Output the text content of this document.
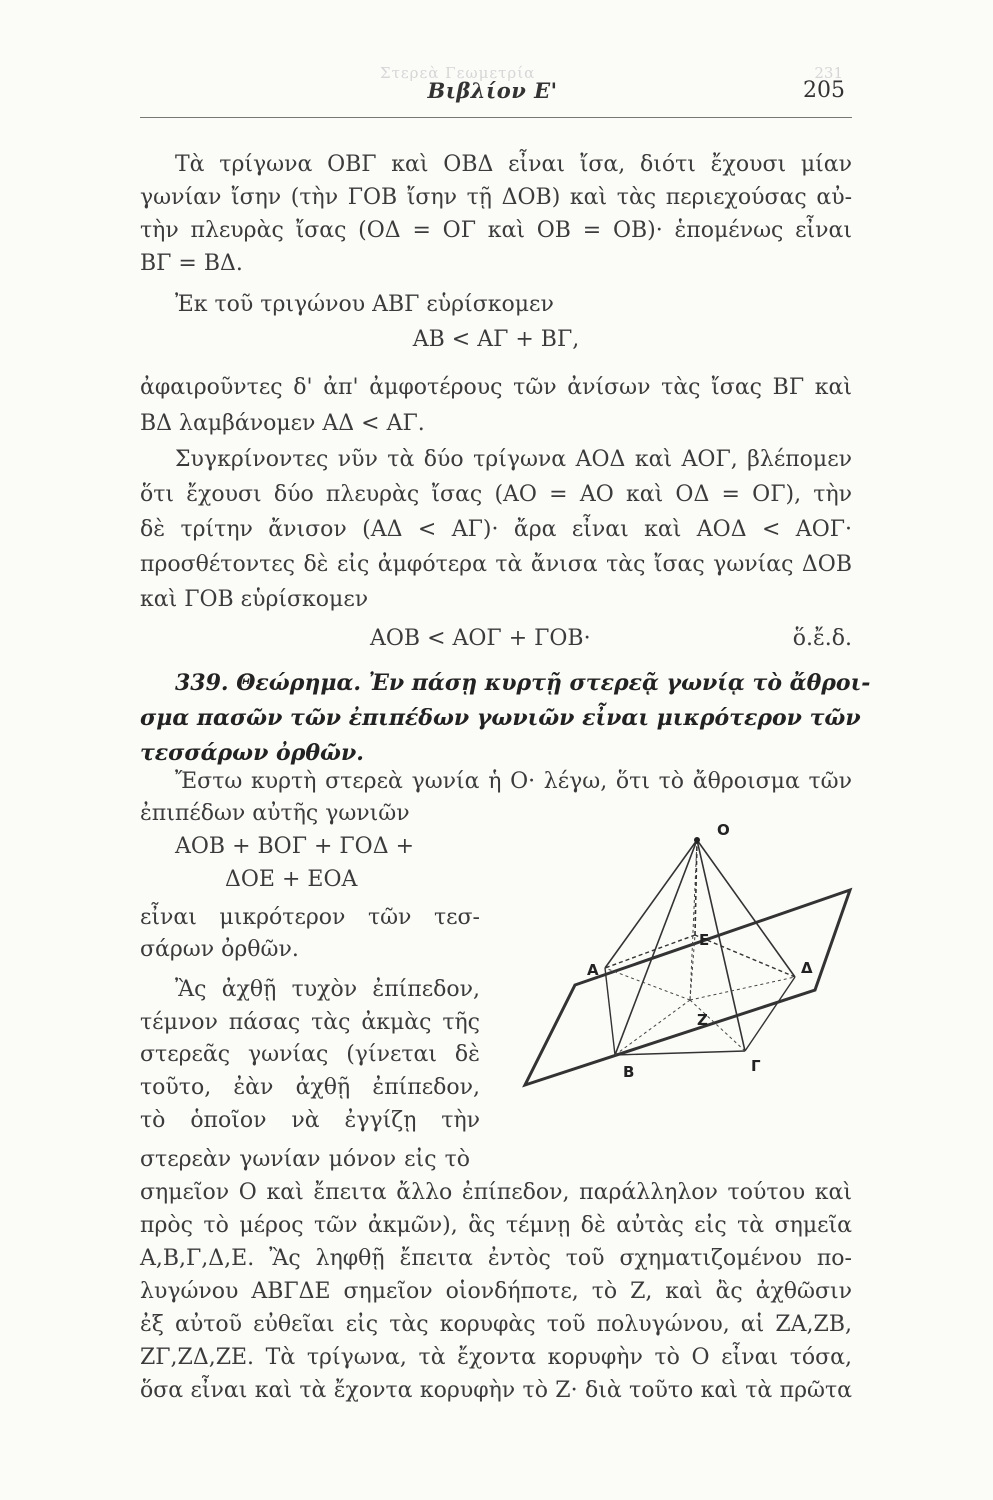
Στερεὰ Γεωμετρία	231
Βιβλίον Ε'	205
Τὰ τρίγωνα ΟΒΓ καὶ ΟΒΔ εἶναι ἴσα, διότι ἔχουσι μίαν
γωνίαν ἴσην (τὴν ΓΟΒ ἴσην τῇ ΔΟΒ) καὶ τὰς περιεχούσας αὐ-
τὴν πλευρὰς ἴσας (ΟΔ = ΟΓ καὶ ΟΒ = ΟΒ)· ἑπομένως εἶναι
ΒΓ = ΒΔ.
Ἐκ τοῦ τριγώνου ΑΒΓ εὑρίσκομεν
ΑΒ < ΑΓ + ΒΓ,
ἀφαιροῦντες δ' ἀπ' ἀμφοτέρους τῶν ἀνίσων τὰς ἴσας ΒΓ καὶ
ΒΔ λαμβάνομεν ΑΔ < ΑΓ.
Συγκρίνοντες νῦν τὰ δύο τρίγωνα ΑΟΔ καὶ ΑΟΓ, βλέπομεν
ὅτι ἔχουσι δύο πλευρὰς ἴσας (ΑΟ = ΑΟ καὶ ΟΔ = ΟΓ), τὴν
δὲ τρίτην ἄνισον (ΑΔ < ΑΓ)· ἄρα εἶναι καὶ ΑΟΔ < ΑΟΓ·
προσθέτοντες δὲ εἰς ἀμφότερα τὰ ἄνισα τὰς ἴσας γωνίας ΔΟΒ
καὶ ΓΟΒ εὑρίσκομεν
ΑΟΒ < ΑΟΓ + ΓΟΒ·	ὅ.ἔ.δ.
339. Θεώρημα. Ἐν πάσῃ κυρτῇ στερεᾷ γωνίᾳ τὸ ἄθροι-
σμα πασῶν τῶν ἐπιπέδων γωνιῶν εἶναι μικρότερον τῶν
τεσσάρων ὀρθῶν.
Ἔστω κυρτὴ στερεὰ γωνία ἡ Ο· λέγω, ὅτι τὸ ἄθροισμα τῶν
ἐπιπέδων αὐτῆς γωνιῶν
ΑΟΒ + ΒΟΓ + ΓΟΔ +
ΔΟΕ + ΕΟΑ
εἶναι μικρότερον τῶν τεσ-
σάρων ὀρθῶν.
Ἂς ἀχθῇ τυχὸν ἐπίπεδον,
τέμνον πάσας τὰς ἀκμὰς τῆς
στερεᾶς γωνίας (γίνεται δὲ
τοῦτο, ἐὰν ἀχθῇ ἐπίπεδον,
τὸ ὁποῖον νὰ ἐγγίζῃ τὴν
στερεὰν γωνίαν μόνον εἰς τὸ
σημεῖον Ο καὶ ἔπειτα ἄλλο ἐπίπεδον, παράλληλον τούτου καὶ
πρὸς τὸ μέρος τῶν ἀκμῶν), ἃς τέμνῃ δὲ αὐτὰς εἰς τὰ σημεῖα
Α,Β,Γ,Δ,Ε. Ἂς ληφθῇ ἔπειτα ἐντὸς τοῦ σχηματιζομένου πο-
λυγώνου ΑΒΓΔΕ σημεῖον οἱονδήποτε, τὸ Ζ, καὶ ἂς ἀχθῶσιν
ἐξ αὐτοῦ εὐθεῖαι εἰς τὰς κορυφὰς τοῦ πολυγώνου, αἱ ΖΑ,ΖΒ,
ΖΓ,ΖΔ,ΖΕ. Τὰ τρίγωνα, τὰ ἔχοντα κορυφὴν τὸ Ο εἶναι τόσα,
ὅσα εἶναι καὶ τὰ ἔχοντα κορυφὴν τὸ Ζ· διὰ τοῦτο καὶ τὰ πρῶτα
O
A
B	Γ
Δ
E
Z
